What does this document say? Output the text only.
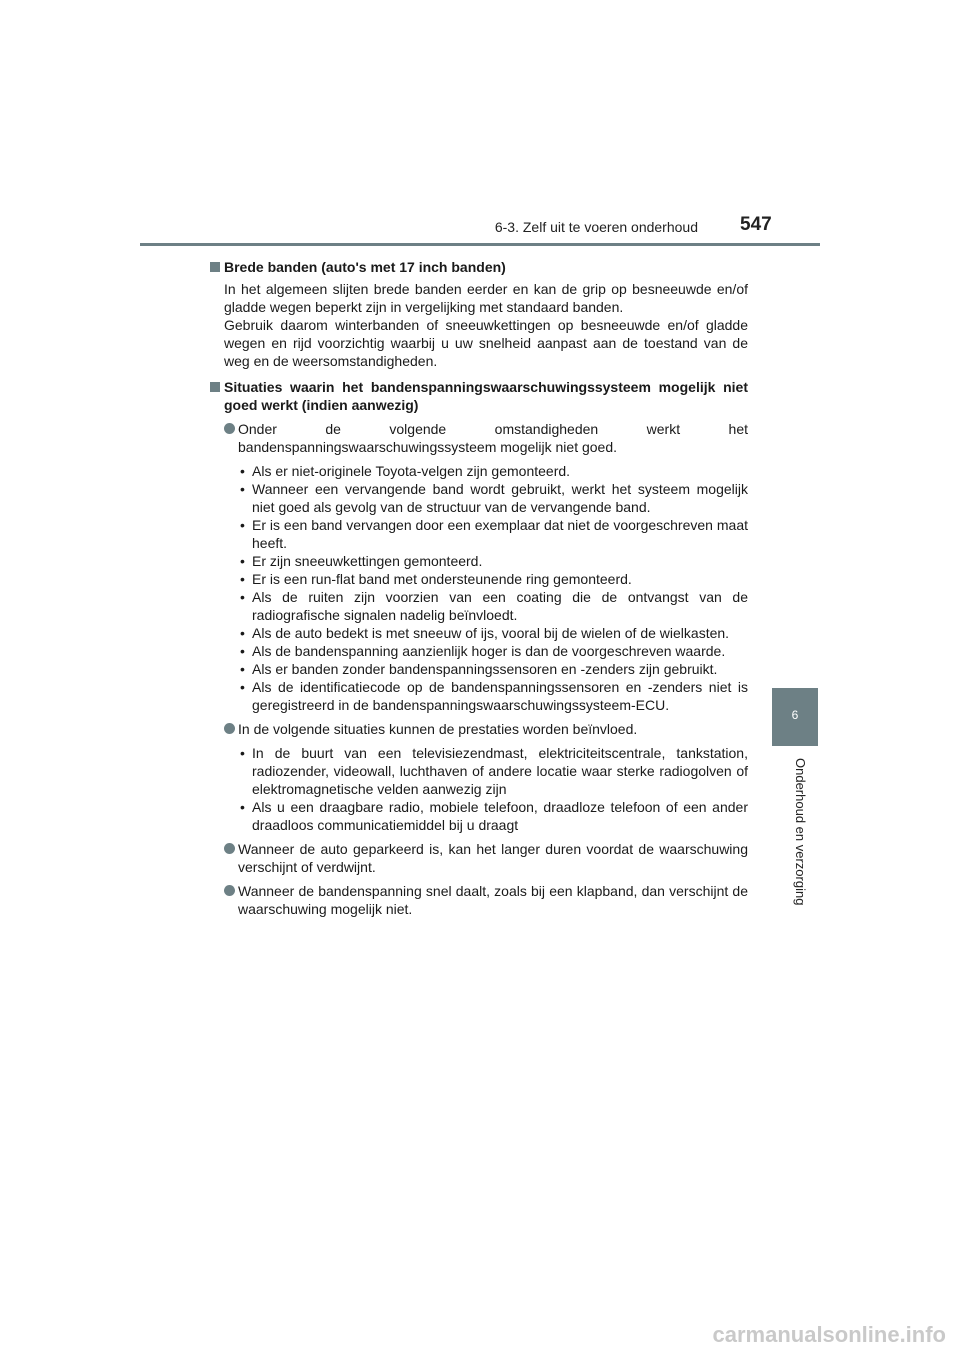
6-3. Zelf uit te voeren onderhoud 547
6
Onderhoud en verzorging
Brede banden (auto's met 17 inch banden)
In het algemeen slijten brede banden eerder en kan de grip op besneeuwde en/of gladde wegen beperkt zijn in vergelijking met standaard banden.
Gebruik daarom winterbanden of sneeuwkettingen op besneeuwde en/of gladde wegen en rijd voorzichtig waarbij u uw snelheid aanpast aan de toestand van de weg en de weersomstandigheden.
Situaties waarin het bandenspanningswaarschuwingssysteem mogelijk niet goed werkt (indien aanwezig)
Onder de volgende omstandigheden werkt het bandenspanningswaarschuwingssysteem mogelijk niet goed.
• Als er niet-originele Toyota-velgen zijn gemonteerd.
• Wanneer een vervangende band wordt gebruikt, werkt het systeem mogelijk niet goed als gevolg van de structuur van de vervangende band.
• Er is een band vervangen door een exemplaar dat niet de voorgeschreven maat heeft.
• Er zijn sneeuwkettingen gemonteerd.
• Er is een run-flat band met ondersteunende ring gemonteerd.
• Als de ruiten zijn voorzien van een coating die de ontvangst van de radiografische signalen nadelig beïnvloedt.
• Als de auto bedekt is met sneeuw of ijs, vooral bij de wielen of de wielkasten.
• Als de bandenspanning aanzienlijk hoger is dan de voorgeschreven waarde.
• Als er banden zonder bandenspanningssensoren en -zenders zijn gebruikt.
• Als de identificatiecode op de bandenspanningssensoren en -zenders niet is geregistreerd in de bandenspanningswaarschuwingssysteem-ECU.
In de volgende situaties kunnen de prestaties worden beïnvloed.
• In de buurt van een televisiezendmast, elektriciteitscentrale, tankstation, radiozender, videowall, luchthaven of andere locatie waar sterke radiogolven of elektromagnetische velden aanwezig zijn
• Als u een draagbare radio, mobiele telefoon, draadloze telefoon of een ander draadloos communicatiemiddel bij u draagt
Wanneer de auto geparkeerd is, kan het langer duren voordat de waarschuwing verschijnt of verdwijnt.
Wanneer de bandenspanning snel daalt, zoals bij een klapband, dan verschijnt de waarschuwing mogelijk niet.
carmanualsonline.info
